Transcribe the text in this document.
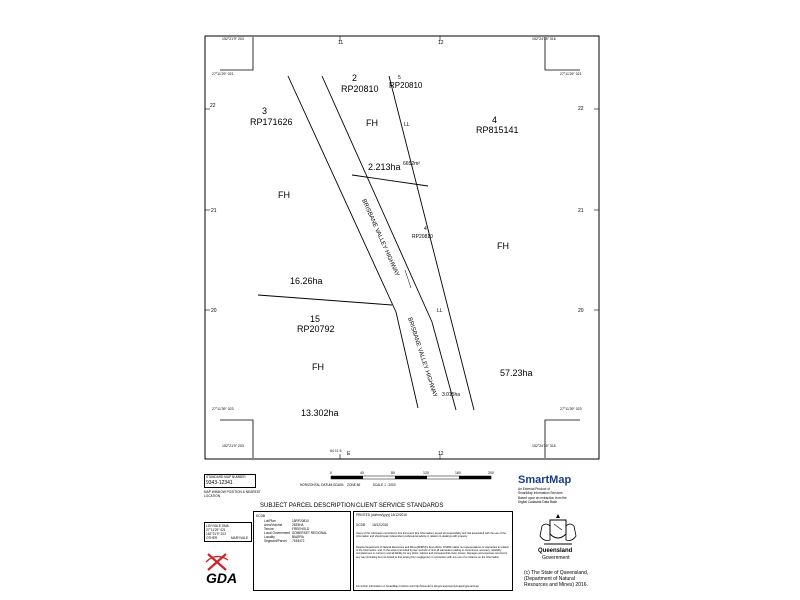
11	12
12
22
21
20
22
21
20
152°21'9" 203	152°24'35" 316
152°21'9" 203	152°24'35" 316
27°11'29" 021
27°11'39" 023
27°11'29" 021
27°11'39" 023
64 11 5 E
BRISBANE VALLEY HIGHWAY
BRISBANE VALLEY HIGHWAY
2
RP20810
5
RP20810
3
RP171626	4
RP815141
4
RP20810
15
RP20792
FH	LL
FH
FH
FH
LL
2.213ha 6652m²
16.26ha
13.302ha
57.23ha
3.015ha
0	40	80	120	160	200
HORIZONTAL DATUM:GDA94    ZONE:56              SCALE 1 : 2000
STANDARD MAP NUMBER
9343-12341
MAP WINDOW POSITION & NEAREST LOCATION
LIDYVALE SMA
27°11'29" 021
152°21'9" 203
OTHER	MARYVALE
GDA
SUBJECT PARCEL DESCRIPTION
DCDB
Lot/Plan	15RP20810
Area/Volume	2635HA
Tenure	FREEHOLD
Local Government SOMERSET REGIONAL
Locality	BIARRA
Segment/Parcel	7155472
CLIENT SERVICE STANDARDS
PRINTED (dd/mm/yyyy) 16/12/2016
DCDB        16/12/2016
Users of the information recorded in this document (the Information) accept all responsibility and risk associated with the use of the Information and should seek independent professional advice in relation to dealings with property.
Despite Department of Natural Resources and Mines(DNRM)'s best efforts, DNRM makes no representations or warranties in relation to the Information, and, to the extent permitted by law, exclude or limit all warranties relating to correctness, accuracy, reliability, completeness or currency and all liability for any direct, indirect and consequential costs, losses, damages and expenses incurred in any way (including but not limited to that arising from negligence) in connection with any use of or reliance on the Information
For further information on SmartMap products visit http://www.dnrm.qld.gov.au/property/mapping/smartmap
SmartMap
An External Product of
SmartMap Information Services
Based upon an extraction from the
Digital Cadastral Data Base
Queensland
Government
(c) The State of Queensland,
(Department of Natural
Resources and Mines) 2016.
